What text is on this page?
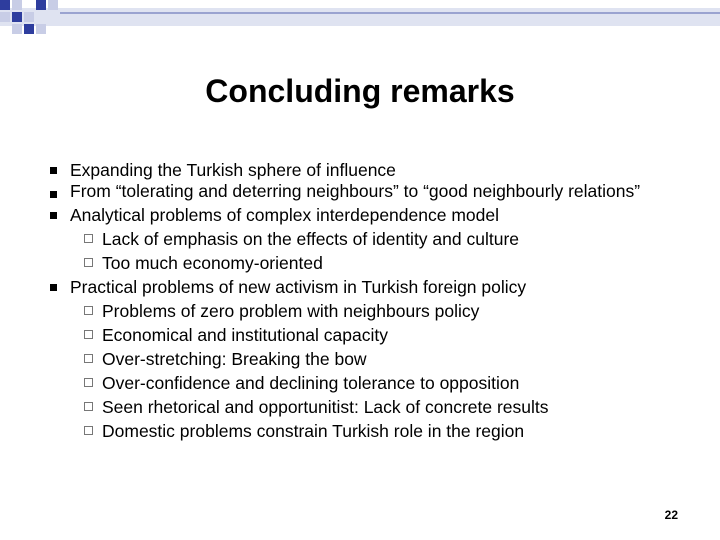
Concluding remarks
Expanding the Turkish sphere of influence
From “tolerating and deterring neighbours” to “good neighbourly relations”
Analytical problems of complex interdependence model
Lack of emphasis on the effects of identity and culture
Too much economy-oriented
Practical problems of new activism in Turkish foreign policy
Problems of zero problem with neighbours policy
Economical and institutional capacity
Over-stretching: Breaking the bow
Over-confidence and declining tolerance to opposition
Seen rhetorical and opportunitist: Lack of concrete results
Domestic problems constrain Turkish role in the region
22
